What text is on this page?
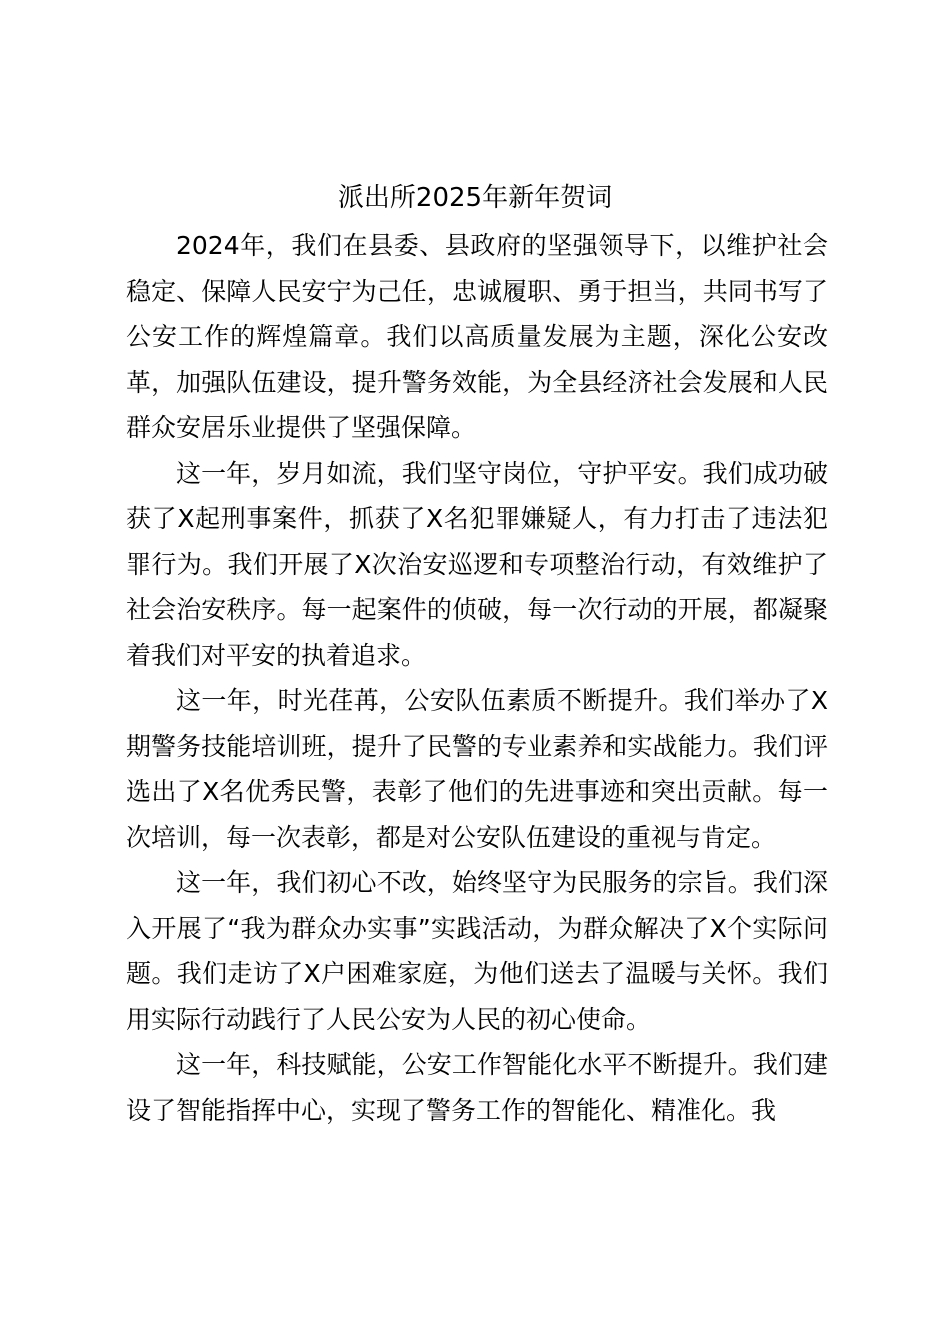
派出所2025年新年贺词

2024年，我们在县委、县政府的坚强领导下，以维护社会稳定、保障人民安宁为己任，忠诚履职、勇于担当，共同书写了公安工作的辉煌篇章。我们以高质量发展为主题，深化公安改革，加强队伍建设，提升警务效能，为全县经济社会发展和人民群众安居乐业提供了坚强保障。

这一年，岁月如流，我们坚守岗位，守护平安。我们成功破获了X起刑事案件，抓获了X名犯罪嫌疑人，有力打击了违法犯罪行为。我们开展了X次治安巡逻和专项整治行动，有效维护了社会治安秩序。每一起案件的侦破，每一次行动的开展，都凝聚着我们对平安的执着追求。

这一年，时光荏苒，公安队伍素质不断提升。我们举办了X期警务技能培训班，提升了民警的专业素养和实战能力。我们评选出了X名优秀民警，表彰了他们的先进事迹和突出贡献。每一次培训，每一次表彰，都是对公安队伍建设的重视与肯定。

这一年，我们初心不改，始终坚守为民服务的宗旨。我们深入开展了“我为群众办实事”实践活动，为群众解决了X个实际问题。我们走访了X户困难家庭，为他们送去了温暖与关怀。我们用实际行动践行了人民公安为人民的初心使命。

这一年，科技赋能，公安工作智能化水平不断提升。我们建设了智能指挥中心，实现了警务工作的智能化、精准化。我
